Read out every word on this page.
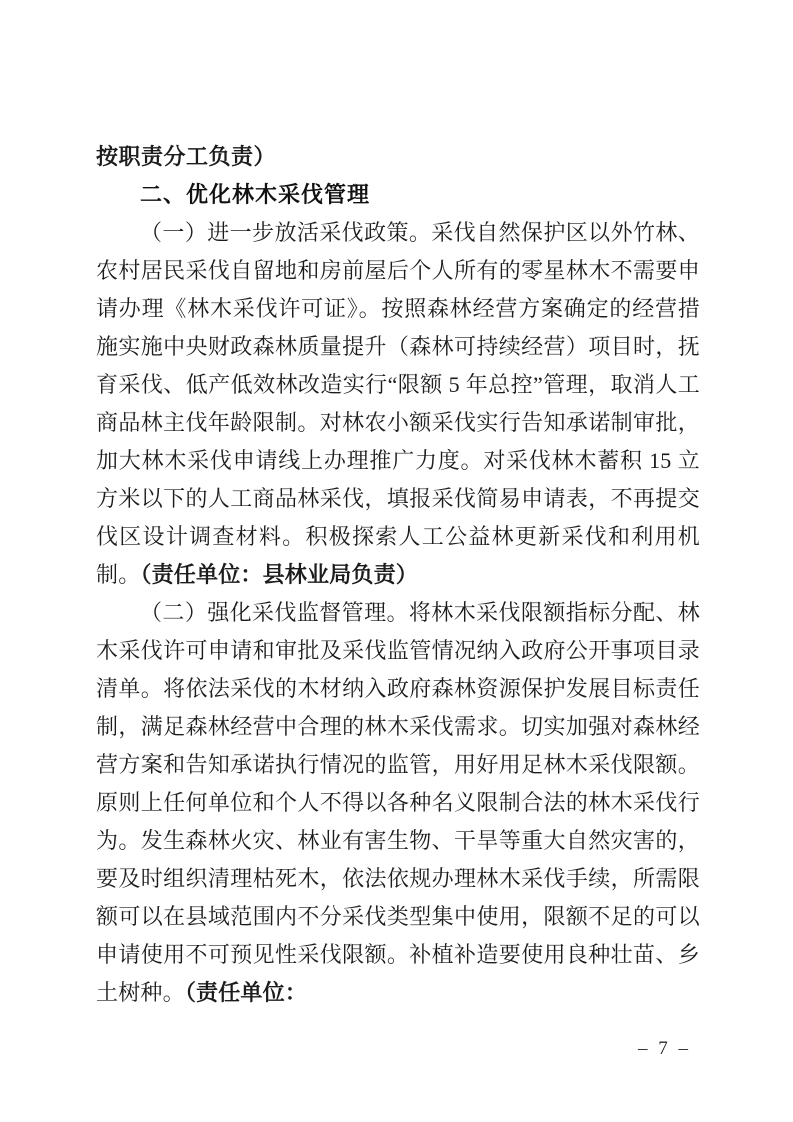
按职责分工负责）

二、优化林木采伐管理

（一）进一步放活采伐政策。采伐自然保护区以外竹林、农村居民采伐自留地和房前屋后个人所有的零星林木不需要申请办理《林木采伐许可证》。按照森林经营方案确定的经营措施实施中央财政森林质量提升（森林可持续经营）项目时，抚育采伐、低产低效林改造实行“限额 5 年总控”管理，取消人工商品林主伐年龄限制。对林农小额采伐实行告知承诺制审批，加大林木采伐申请线上办理推广力度。对采伐林木蓄积 15 立方米以下的人工商品林采伐，填报采伐简易申请表，不再提交伐区设计调查材料。积极探索人工公益林更新采伐和利用机制。（责任单位：县林业局负责）

（二）强化采伐监督管理。将林木采伐限额指标分配、林木采伐许可申请和审批及采伐监管情况纳入政府公开事项目录清单。将依法采伐的木材纳入政府森林资源保护发展目标责任制，满足森林经营中合理的林木采伐需求。切实加强对森林经营方案和告知承诺执行情况的监管，用好用足林木采伐限额。原则上任何单位和个人不得以各种名义限制合法的林木采伐行为。发生森林火灾、林业有害生物、干旱等重大自然灾害的，要及时组织清理枯死木，依法依规办理林木采伐手续，所需限额可以在县域范围内不分采伐类型集中使用，限额不足的可以申请使用不可预见性采伐限额。补植补造要使用良种壮苗、乡土树种。（责任单位：

– 7 –
